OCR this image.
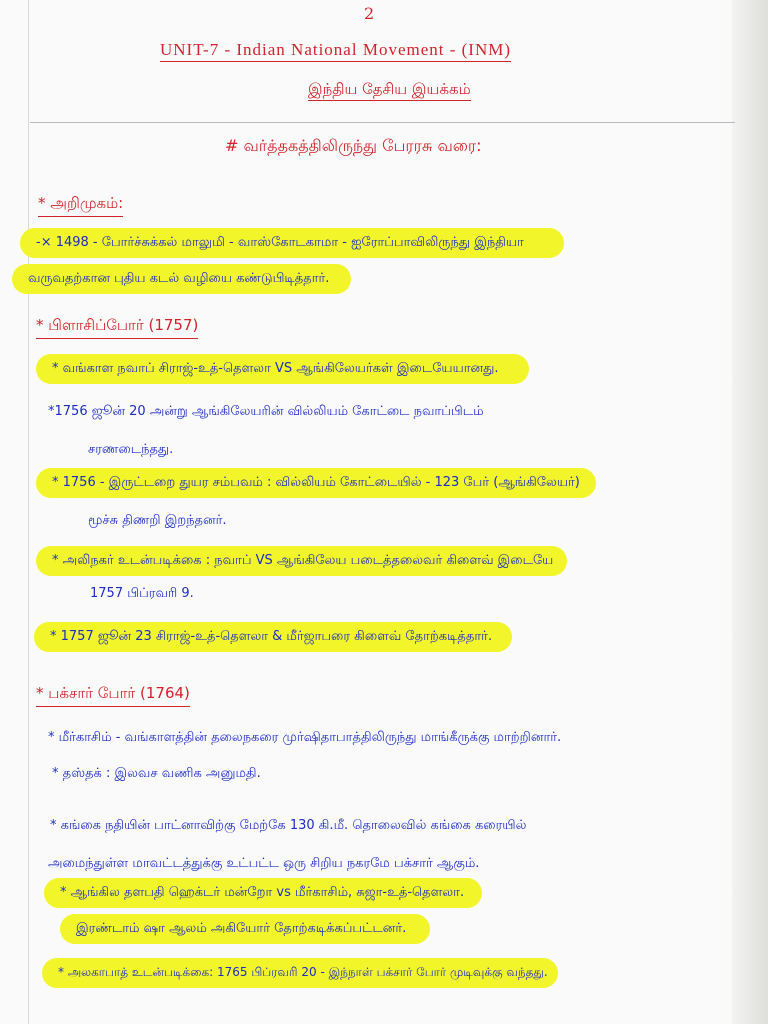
2
UNIT-7 - Indian National Movement - (INM)
இந்திய தேசிய இயக்கம்
# வர்த்தகத்திலிருந்து பேரரசு வரை:
* அறிமுகம்:
-× 1498 - போர்ச்சுக்கல் மாலுமி - வாஸ்கோடகாமா - ஐரோப்பாவிலிருந்து இந்தியா
வருவதற்கான புதிய கடல் வழியை கண்டுபிடித்தார்.
* பிளாசிப்போர் (1757)
* வங்காள நவாப் சிராஜ்-உத்-தௌலா VS ஆங்கிலேயர்கள் இடையேயானது.
*1756 ஜூன் 20 அன்று ஆங்கிலேயரின் வில்லியம் கோட்டை நவாப்பிடம்
சரணடைந்தது.
* 1756 - இருட்டறை துயர சம்பவம் : வில்லியம் கோட்டையில் - 123 பேர் (ஆங்கிலேயர்)
மூச்சு திணறி இறந்தனர்.
* அலிநகர் உடன்படிக்கை : நவாப் VS ஆங்கிலேய படைத்தலைவர் கிளைவ் இடையே
1757 பிப்ரவரி 9.
* 1757 ஜூன் 23 சிராஜ்-உத்-தௌலா & மீர்ஜாபரை கிளைவ் தோற்கடித்தார்.
* பக்சார் போர் (1764)
* மீர்காசிம் - வங்காளத்தின் தலைநகரை முர்ஷிதாபாத்திலிருந்து மாங்கீருக்கு மாற்றினார்.
* தஸ்தக் : இலவச வணிக அனுமதி.
* கங்கை நதியின் பாட்னாவிற்கு மேற்கே 130 கி.மீ. தொலைவில் கங்கை கரையில்
அமைந்துள்ள மாவட்டத்துக்கு உட்பட்ட ஒரு சிறிய நகரமே பக்சார் ஆகும்.
* ஆங்கில தளபதி ஹெக்டர் மன்றோ vs மீர்காசிம், சுஜா-உத்-தௌலா.
இரண்டாம் ஷா ஆலம் அகியோர் தோற்கடிக்கப்பட்டனர்.
* அலகாபாத் உடன்படிக்கை: 1765 பிப்ரவரி 20 - இந்நாள் பக்சார் போர் முடிவுக்கு வந்தது.
